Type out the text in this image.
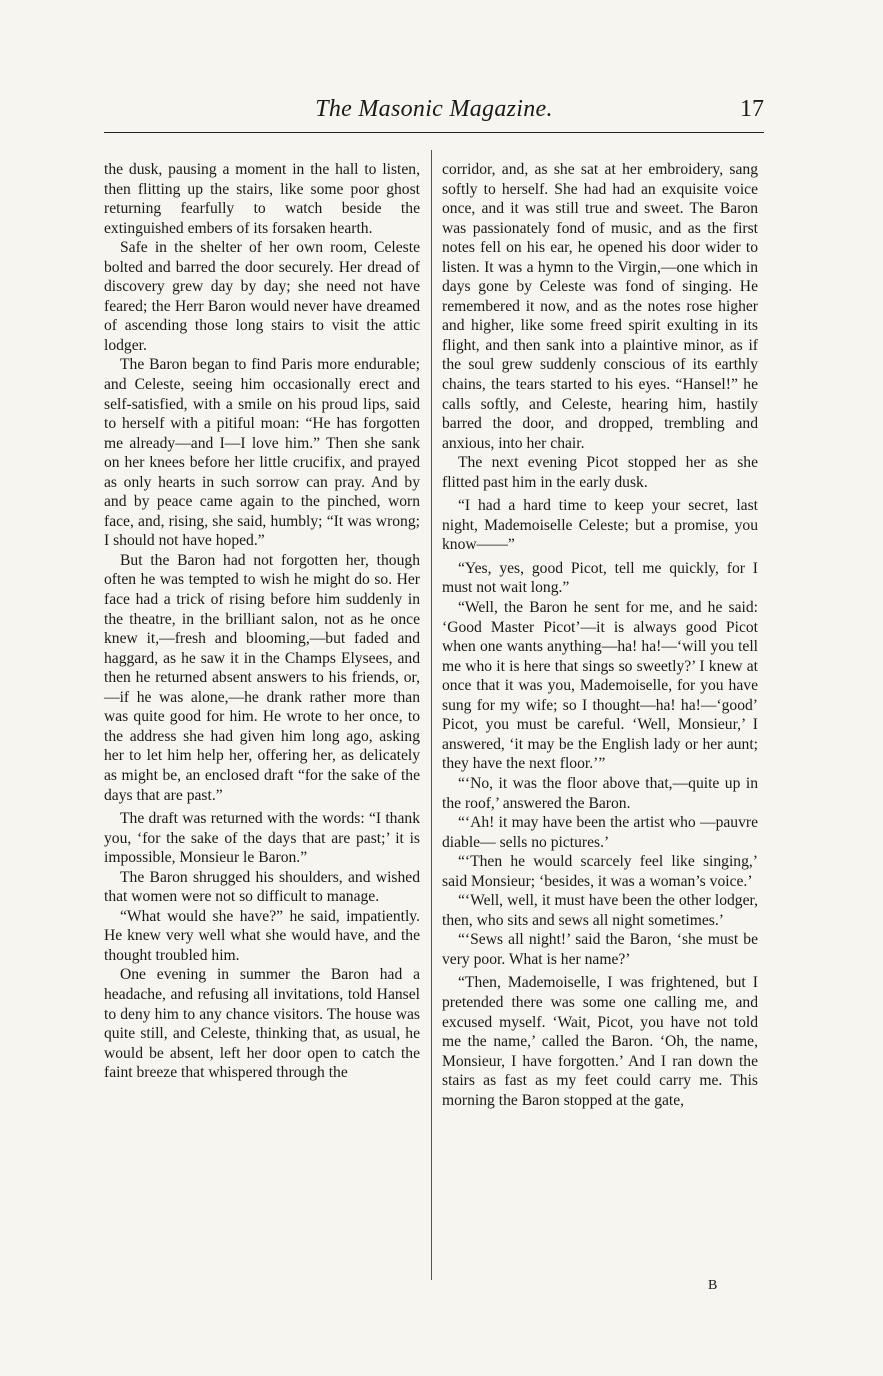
The Masonic Magazine.	17

the dusk, pausing a moment in the hall to listen, then flitting up the stairs, like some poor ghost returning fearfully to watch beside the extinguished embers of its forsaken hearth.

Safe in the shelter of her own room, Celeste bolted and barred the door securely. Her dread of discovery grew day by day; she need not have feared; the Herr Baron would never have dreamed of ascending those long stairs to visit the attic lodger.

The Baron began to find Paris more endurable; and Celeste, seeing him occasionally erect and self-satisfied, with a smile on his proud lips, said to herself with a pitiful moan: “He has forgotten me already—and I—I love him.” Then she sank on her knees before her little crucifix, and prayed as only hearts in such sorrow can pray. And by and by peace came again to the pinched, worn face, and, rising, she said, humbly; “It was wrong; I should not have hoped.”

But the Baron had not forgotten her, though often he was tempted to wish he might do so. Her face had a trick of rising before him suddenly in the theatre, in the brilliant salon, not as he once knew it,—fresh and blooming,—but faded and haggard, as he saw it in the Champs Elysees, and then he returned absent answers to his friends, or,—if he was alone,—he drank rather more than was quite good for him. He wrote to her once, to the address she had given him long ago, asking her to let him help her, offering her, as delicately as might be, an enclosed draft “for the sake of the days that are past.”

The draft was returned with the words: “I thank you, ‘for the sake of the days that are past;’ it is impossible, Monsieur le Baron.”

The Baron shrugged his shoulders, and wished that women were not so difficult to manage.

“What would she have?” he said, impatiently. He knew very well what she would have, and the thought troubled him.

One evening in summer the Baron had a headache, and refusing all invitations, told Hansel to deny him to any chance visitors. The house was quite still, and Celeste, thinking that, as usual, he would be absent, left her door open to catch the faint breeze that whispered through the

corridor, and, as she sat at her embroidery, sang softly to herself. She had had an exquisite voice once, and it was still true and sweet. The Baron was passionately fond of music, and as the first notes fell on his ear, he opened his door wider to listen. It was a hymn to the Virgin,—one which in days gone by Celeste was fond of singing. He remembered it now, and as the notes rose higher and higher, like some freed spirit exulting in its flight, and then sank into a plaintive minor, as if the soul grew suddenly conscious of its earthly chains, the tears started to his eyes. “Hansel!” he calls softly, and Celeste, hearing him, hastily barred the door, and dropped, trembling and anxious, into her chair.

The next evening Picot stopped her as she flitted past him in the early dusk.

“I had a hard time to keep your secret, last night, Mademoiselle Celeste; but a promise, you know——”

“Yes, yes, good Picot, tell me quickly, for I must not wait long.”

“Well, the Baron he sent for me, and he said: ‘Good Master Picot’—it is always good Picot when one wants anything—ha! ha!—‘will you tell me who it is here that sings so sweetly?’ I knew at once that it was you, Mademoiselle, for you have sung for my wife; so I thought—ha! ha!—‘good’ Picot, you must be careful. ‘Well, Monsieur,’ I answered, ‘it may be the English lady or her aunt; they have the next floor.’”

“‘No, it was the floor above that,—quite up in the roof,’ answered the Baron.

“‘Ah! it may have been the artist who —pauvre diable— sells no pictures.’

“‘Then he would scarcely feel like singing,’ said Monsieur; ‘besides, it was a woman’s voice.’

“‘Well, well, it must have been the other lodger, then, who sits and sews all night sometimes.’

“‘Sews all night!’ said the Baron, ‘she must be very poor. What is her name?’

“Then, Mademoiselle, I was frightened, but I pretended there was some one calling me, and excused myself. ‘Wait, Picot, you have not told me the name,’ called the Baron. ‘Oh, the name, Monsieur, I have forgotten.’ And I ran down the stairs as fast as my feet could carry me. This morning the Baron stopped at the gate,

B
